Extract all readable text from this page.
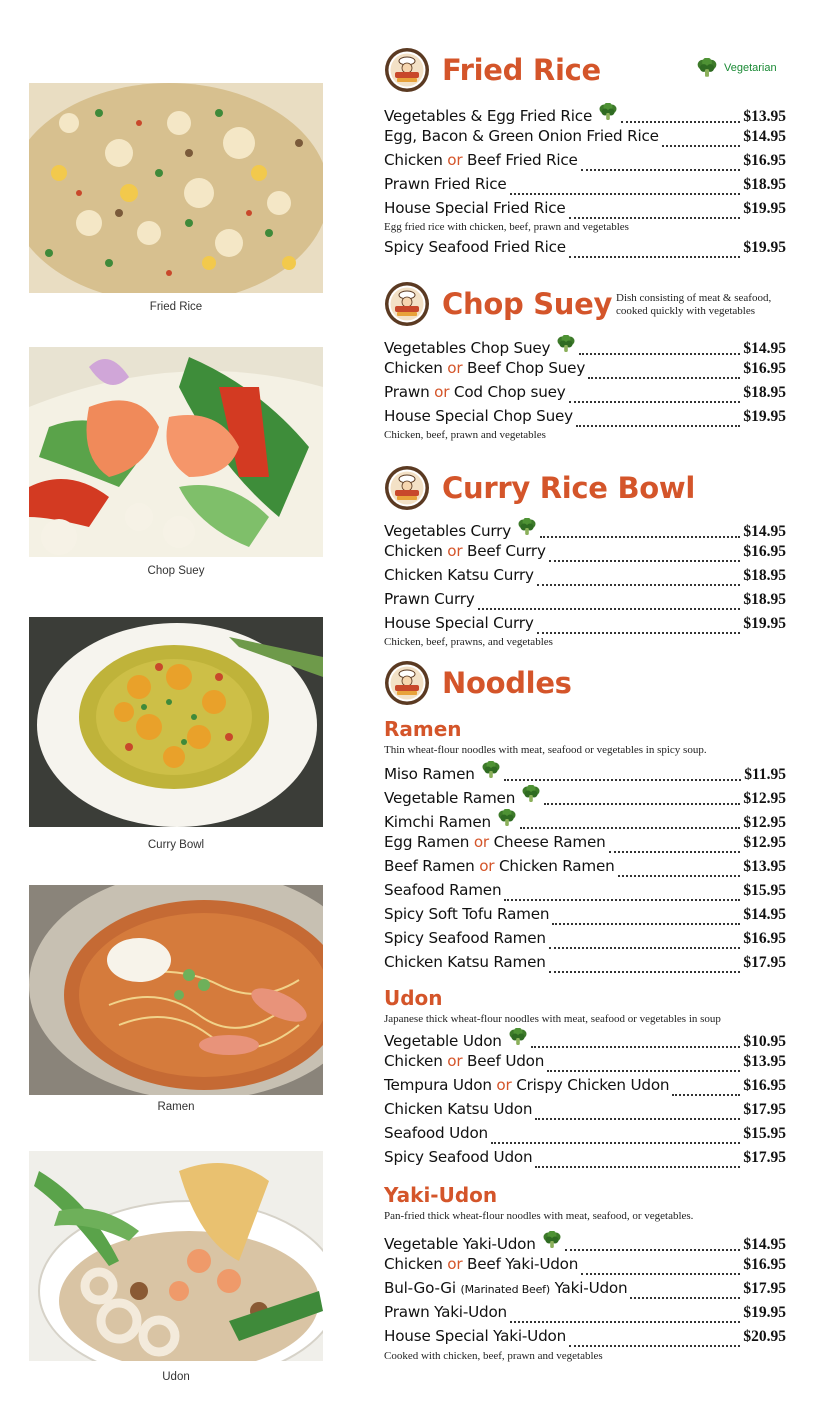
Fried Rice
Chop Suey
Curry Bowl
Ramen
Udon
Vegetarian
Fried Rice
Vegetables & Egg Fried Rice	$13.95
Egg, Bacon & Green Onion Fried Rice	$14.95
Chicken or Beef Fried Rice	$16.95
Prawn Fried Rice	$18.95
House Special Fried Rice	$19.95
Egg fried rice with chicken, beef, prawn and vegetables
Spicy Seafood Fried Rice	$19.95
Chop Suey Dish consisting of meat & seafood,
cooked quickly with vegetables
Vegetables Chop Suey	$14.95
Chicken or Beef Chop Suey	$16.95
Prawn or Cod Chop suey	$18.95
House Special Chop Suey	$19.95
Chicken, beef, prawn and vegetables
Curry Rice Bowl
Vegetables Curry	$14.95
Chicken or Beef Curry	$16.95
Chicken Katsu Curry	$18.95
Prawn Curry	$18.95
House Special Curry	$19.95
Chicken, beef, prawns, and vegetables
Noodles
Ramen
Thin wheat-flour noodles with meat, seafood or vegetables in spicy soup.
Miso Ramen	$11.95
Vegetable Ramen	$12.95
Kimchi Ramen	$12.95
Egg Ramen or Cheese Ramen	$12.95
Beef Ramen or Chicken Ramen	$13.95
Seafood Ramen	$15.95
Spicy Soft Tofu Ramen	$14.95
Spicy Seafood Ramen	$16.95
Chicken Katsu Ramen	$17.95
Udon
Japanese thick wheat-flour noodles with meat, seafood or vegetables in soup
Vegetable Udon	$10.95
Chicken or Beef Udon	$13.95
Tempura Udon or Crispy Chicken Udon	$16.95
Chicken Katsu Udon	$17.95
Seafood Udon	$15.95
Spicy Seafood Udon	$17.95
Yaki-Udon
Pan-fried thick wheat-flour noodles with meat, seafood, or vegetables.
Vegetable Yaki-Udon	$14.95
Chicken or Beef Yaki-Udon	$16.95
Bul-Go-Gi (Marinated Beef) Yaki-Udon	$17.95
Prawn Yaki-Udon	$19.95
House Special Yaki-Udon	$20.95
Cooked with chicken, beef, prawn and vegetables
